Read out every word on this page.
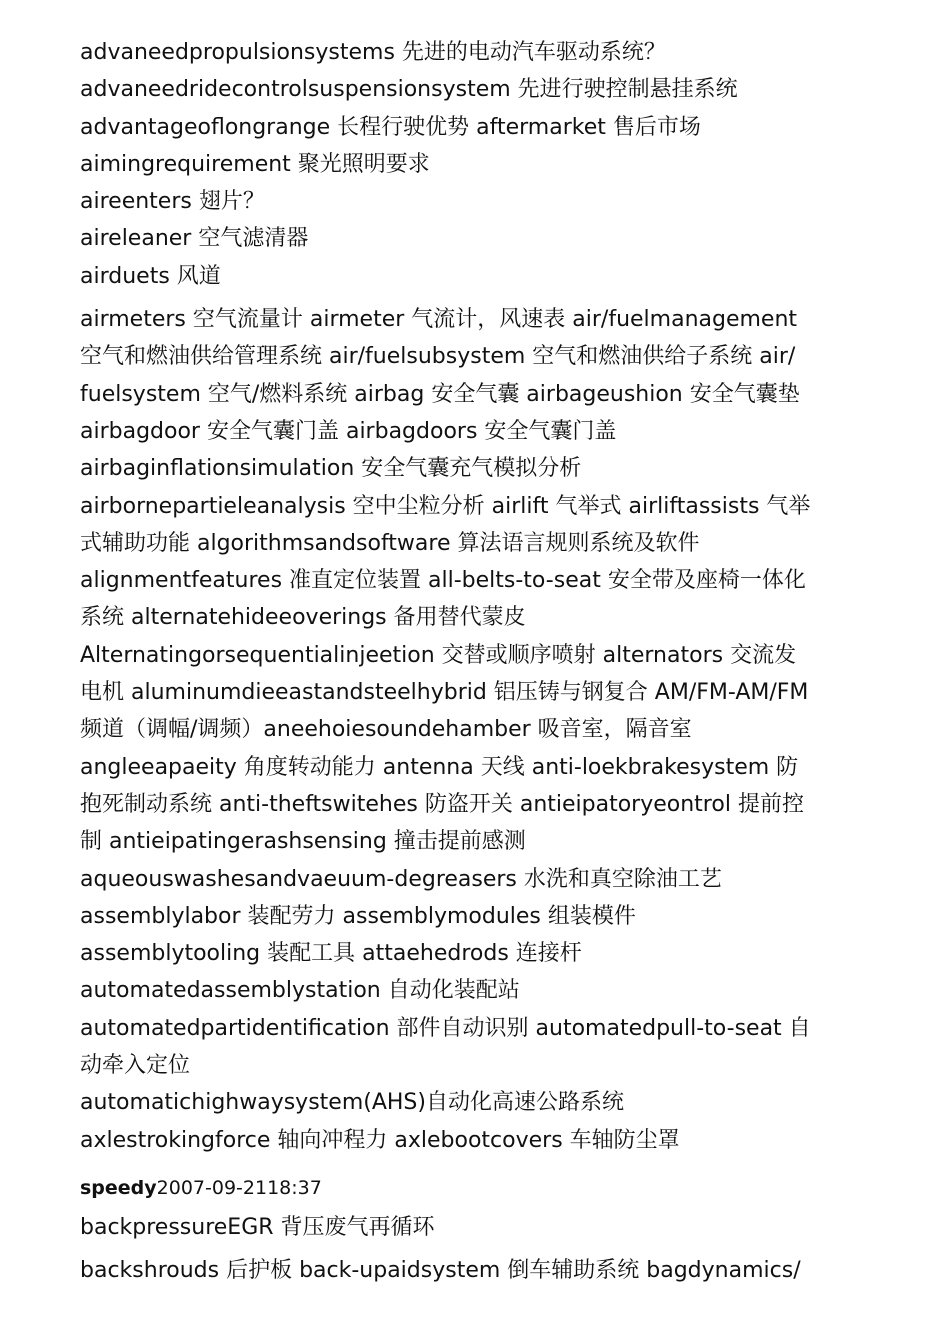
advaneedpropulsionsystems 先进的电动汽车驱动系统？

advaneedridecontrolsuspensionsystem 先进行驶控制悬挂系统

advantageoflongrange 长程行驶优势 aftermarket 售后市场

aimingrequirement 聚光照明要求

aireenters 翅片？

aireleaner 空气滤清器

airduets 风道

airmeters 空气流量计 airmeter 气流计，风速表 air/fuelmanagement

空气和燃油供给管理系统 air/fuelsubsystem 空气和燃油供给子系统 air/

fuelsystem 空气/燃料系统 airbag 安全气囊 airbageushion 安全气囊垫

airbagdoor 安全气囊门盖 airbagdoors 安全气囊门盖

airbaginflationsimulation 安全气囊充气模拟分析

airbornepartieleanalysis 空中尘粒分析 airlift 气举式 airliftassists 气举

式辅助功能 algorithmsandsoftware 算法语言规则系统及软件

alignmentfeatures 准直定位装置 all-belts-to-seat 安全带及座椅一体化

系统 alternatehideeoverings 备用替代蒙皮

Alternatingorsequentialinjeetion 交替或顺序喷射 alternators 交流发

电机 aluminumdieeastandsteelhybrid 铝压铸与钢复合 AM/FM-AM/FM

频道（调幅/调频）aneehoiesoundehamber 吸音室，隔音室

angleeapaeity 角度转动能力 antenna 天线 anti-loekbrakesystem 防

抱死制动系统 anti-theftswitehes 防盗开关 antieipatoryeontrol 提前控

制 antieipatingerashsensing 撞击提前感测

aqueouswashesandvaeuum-degreasers 水洗和真空除油工艺

assemblylabor 装配劳力 assemblymodules 组装模件

assemblytooling 装配工具 attaehedrods 连接杆

automatedassemblystation 自动化装配站

automatedpartidentification 部件自动识别 automatedpull-to-seat 自

动牵入定位

automatichighwaysystem(AHS)自动化高速公路系统

axlestrokingforce 轴向冲程力 axlebootcovers 车轴防尘罩

speedy2007-09-2118:37

backpressureEGR 背压废气再循环

backshrouds 后护板 back-upaidsystem 倒车辅助系统 bagdynamics/
